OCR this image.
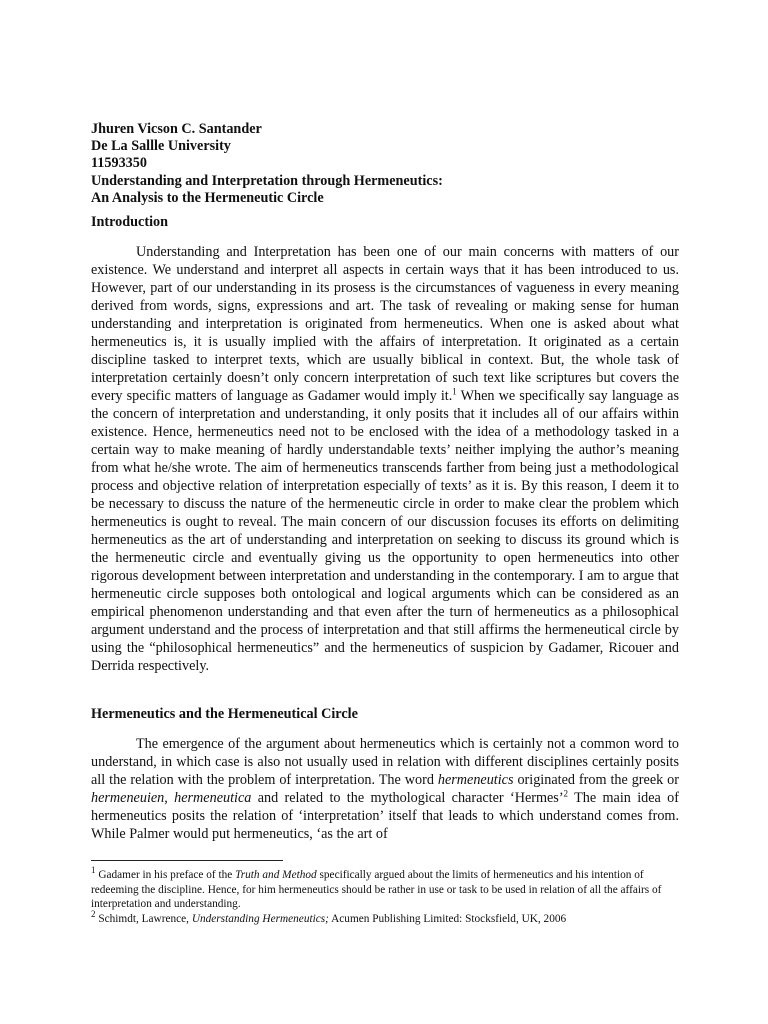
Jhuren Vicson C. Santander
De La Sallle University
11593350
Understanding and Interpretation through Hermeneutics:
An Analysis to the Hermeneutic Circle
Introduction

Understanding and Interpretation has been one of our main concerns with matters of our existence. We understand and interpret all aspects in certain ways that it has been introduced to us. However, part of our understanding in its prosess is the circumstances of vagueness in every meaning derived from words, signs, expressions and art. The task of revealing or making sense for human understanding and interpretation is originated from hermeneutics. When one is asked about what hermeneutics is, it is usually implied with the affairs of interpretation. It originated as a certain discipline tasked to interpret texts, which are usually biblical in context. But, the whole task of interpretation certainly doesn’t only concern interpretation of such text like scriptures but covers the every specific matters of language as Gadamer would imply it.$^1$ When we specifically say language as the concern of interpretation and understanding, it only posits that it includes all of our affairs within existence. Hence, hermeneutics need not to be enclosed with the idea of a methodology tasked in a certain way to make meaning of hardly understandable texts’ neither implying the author’s meaning from what he/she wrote. The aim of hermeneutics transcends farther from being just a methodological process and objective relation of interpretation especially of texts’ as it is. By this reason, I deem it to be necessary to discuss the nature of the hermeneutic circle in order to make clear the problem which hermeneutics is ought to reveal. The main concern of our discussion focuses its efforts on delimiting hermeneutics as the art of understanding and interpretation on seeking to discuss its ground which is the hermeneutic circle and eventually giving us the opportunity to open hermeneutics into other rigorous development between interpretation and understanding in the contemporary. I am to argue that hermeneutic circle supposes both ontological and logical arguments which can be considered as an empirical phenomenon understanding and that even after the turn of hermeneutics as a philosophical argument understand and the process of interpretation and that still affirms the hermeneutical circle by using the “philosophical hermeneutics” and the hermeneutics of suspicion by Gadamer, Ricouer and Derrida respectively.

Hermeneutics and the Hermeneutical Circle

The emergence of the argument about hermeneutics which is certainly not a common word to understand, in which case is also not usually used in relation with different disciplines certainly posits all the relation with the problem of interpretation. The word hermeneutics originated from the greek or hermeneuien, hermeneutica and related to the mythological character ‘Hermes’$^2$ The main idea of hermeneutics posits the relation of ‘interpretation’ itself that leads to which understand comes from. While Palmer would put hermeneutics, ‘as the art of

$^1$ Gadamer in his preface of the Truth and Method specifically argued about the limits of hermeneutics and his intention of redeeming the discipline. Hence, for him hermeneutics should be rather in use or task to be used in relation of all the affairs of interpretation and understanding.

$^2$ Schimdt, Lawrence, Understanding Hermeneutics; Acumen Publishing Limited: Stocksfield, UK, 2006
